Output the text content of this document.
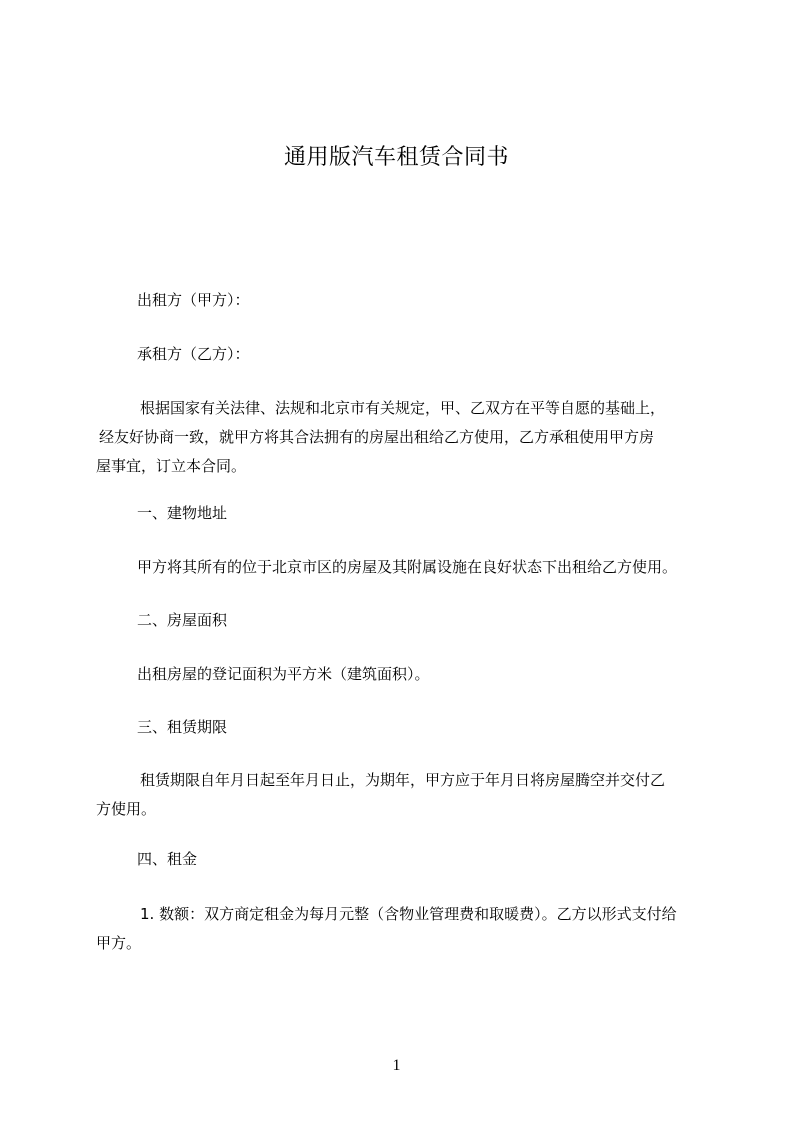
通用版汽车租赁合同书
出租方（甲方）：
承租方（乙方）：
根据国家有关法律、法规和北京市有关规定，甲、乙双方在平等自愿的基础上，
经友好协商一致，就甲方将其合法拥有的房屋出租给乙方使用，乙方承租使用甲方房
屋事宜，订立本合同。
一、建物地址
甲方将其所有的位于北京市区的房屋及其附属设施在良好状态下出租给乙方使用。
二、房屋面积
出租房屋的登记面积为平方米（建筑面积）。
三、租赁期限
租赁期限自年月日起至年月日止，为期年，甲方应于年月日将房屋腾空并交付乙
方使用。
四、租金
1. 数额：双方商定租金为每月元整（含物业管理费和取暖费）。乙方以形式支付给
甲方。
1
